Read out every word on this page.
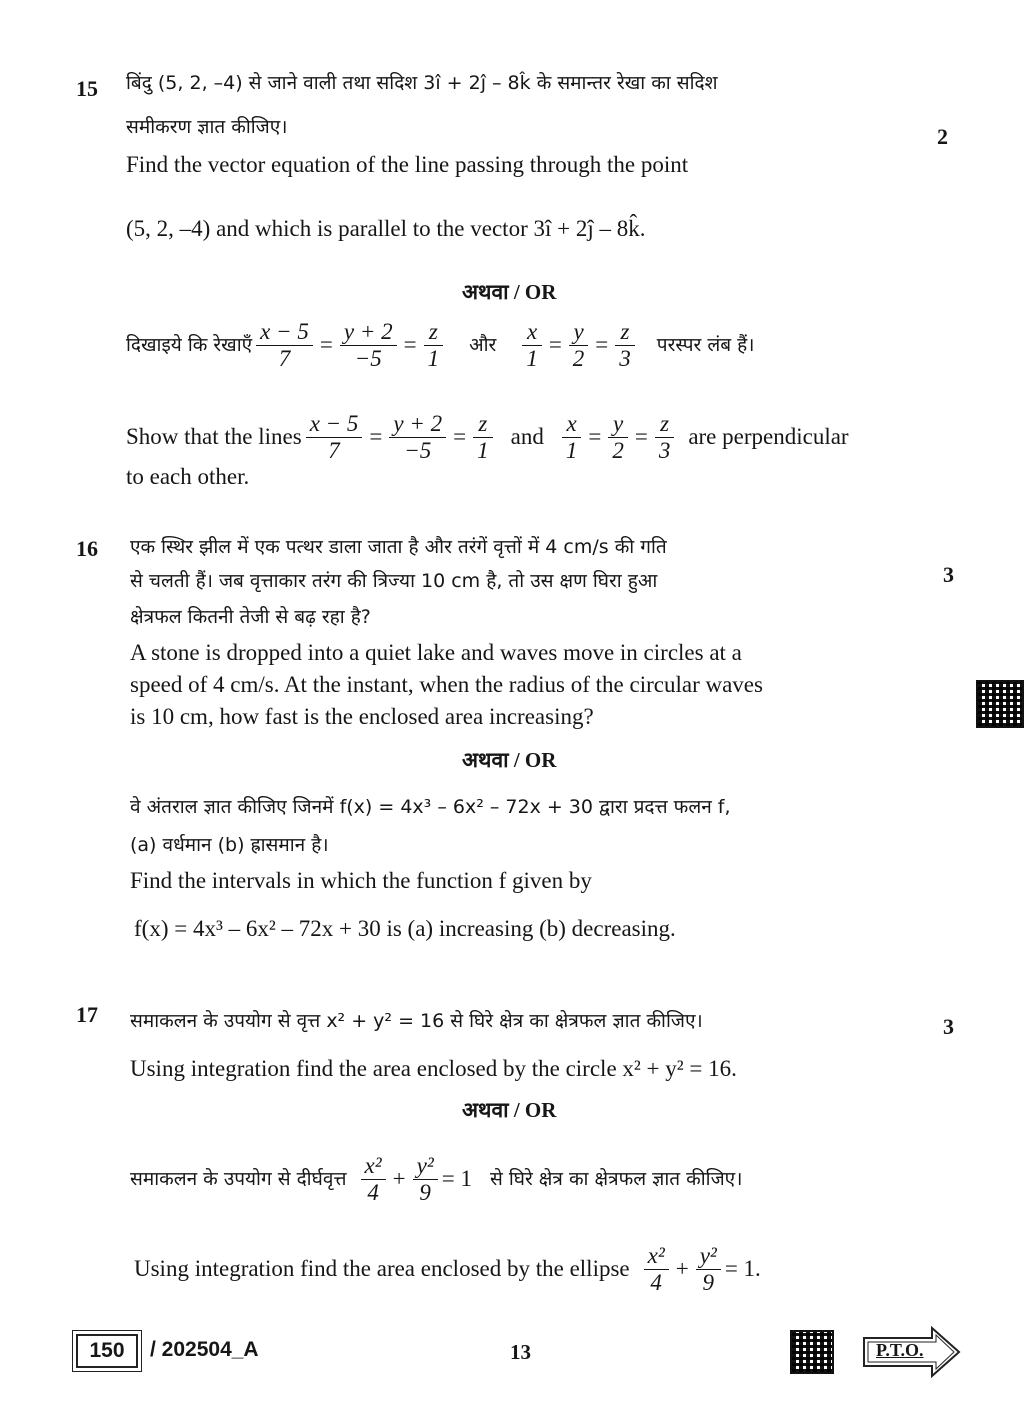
15
2
बिंदु (5, 2, –4) से जाने वाली तथा सदिश 3î + 2ĵ – 8k̂ के समान्तर रेखा का सदिश
समीकरण ज्ञात कीजिए।
Find the vector equation of the line passing through the point
(5, 2, –4) and which is parallel to the vector 3î + 2ĵ – 8k̂.
अथवा / OR
दिखाइये कि रेखाएँ $\frac{x - 5}{7} = \frac{y + 2}{-5} = \frac{z}{1}$ और $\frac{x}{1} = \frac{y}{2} = \frac{z}{3}$ परस्पर लंब हैं।
Show that the lines $\frac{x - 5}{7} = \frac{y + 2}{-5} = \frac{z}{1}$ and $\frac{x}{1} = \frac{y}{2} = \frac{z}{3}$ are perpendicular
to each other.
16
3
एक स्थिर झील में एक पत्थर डाला जाता है और तरंगें वृत्तों में 4 cm/s की गति
से चलती हैं। जब वृत्ताकार तरंग की त्रिज्या 10 cm है, तो उस क्षण घिरा हुआ
क्षेत्रफल कितनी तेजी से बढ़ रहा है?
A stone is dropped into a quiet lake and waves move in circles at a
speed of 4 cm/s. At the instant, when the radius of the circular waves
is 10 cm, how fast is the enclosed area increasing?
अथवा / OR
वे अंतराल ज्ञात कीजिए जिनमें f(x) = 4x³ – 6x² – 72x + 30 द्वारा प्रदत्त फलन f,
(a) वर्धमान (b) ह्रासमान है।
Find the intervals in which the function f given by
f(x) = 4x³ – 6x² – 72x + 30 is (a) increasing (b) decreasing.
17	3
समाकलन के उपयोग से वृत्त x² + y² = 16 से घिरे क्षेत्र का क्षेत्रफल ज्ञात कीजिए।
Using integration find the area enclosed by the circle x² + y² = 16.
अथवा / OR
समाकलन के उपयोग से दीर्घवृत्त $\frac{\text{x²}}{4} + \frac{\text{y²}}{9} = 1$ से घिरे क्षेत्र का क्षेत्रफल ज्ञात कीजिए।
Using integration find the area enclosed by the ellipse $\frac{\text{x²}}{4} + \frac{\text{y²}}{9} = 1$.
150	/ 202504_A	13	P.T.O.
